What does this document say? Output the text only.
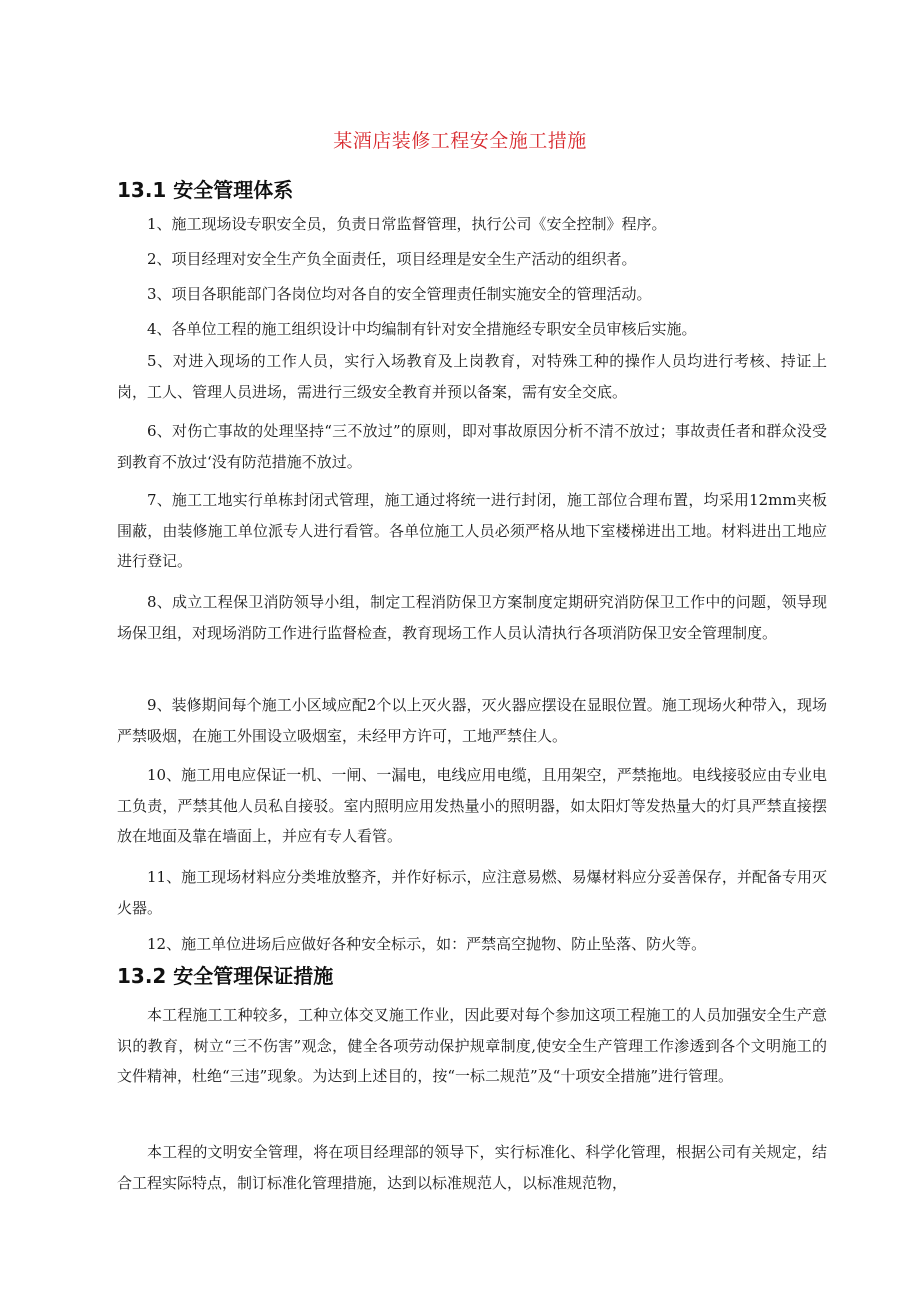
某酒店装修工程安全施工措施
13.1 安全管理体系

1、施工现场设专职安全员，负责日常监督管理，执行公司《安全控制》程序。

2、项目经理对安全生产负全面责任，项目经理是安全生产活动的组织者。

3、项目各职能部门各岗位均对各自的安全管理责任制实施安全的管理活动。

4、各单位工程的施工组织设计中均编制有针对安全措施经专职安全员审核后实施。

5、对进入现场的工作人员，实行入场教育及上岗教育，对特殊工种的操作人员均进行考核、持证上岗，工人、管理人员进场，需进行三级安全教育并预以备案，需有安全交底。

6、对伤亡事故的处理坚持“三不放过”的原则，即对事故原因分析不清不放过；事故责任者和群众没受到教育不放过‘没有防范措施不放过。

7、施工工地实行单栋封闭式管理，施工通过将统一进行封闭，施工部位合理布置，均采用12mm夹板围蔽，由装修施工单位派专人进行看管。各单位施工人员必须严格从地下室楼梯进出工地。材料进出工地应进行登记。

8、成立工程保卫消防领导小组，制定工程消防保卫方案制度定期研究消防保卫工作中的问题，领导现场保卫组，对现场消防工作进行监督检查，教育现场工作人员认清执行各项消防保卫安全管理制度。

9、装修期间每个施工小区域应配2个以上灭火器，灭火器应摆设在显眼位置。施工现场火种带入，现场严禁吸烟，在施工外围设立吸烟室，未经甲方许可，工地严禁住人。

10、施工用电应保证一机、一闸、一漏电，电线应用电缆，且用架空，严禁拖地。电线接驳应由专业电工负责，严禁其他人员私自接驳。室内照明应用发热量小的照明器，如太阳灯等发热量大的灯具严禁直接摆放在地面及靠在墙面上，并应有专人看管。

11、施工现场材料应分类堆放整齐，并作好标示，应注意易燃、易爆材料应分妥善保存，并配备专用灭火器。

12、施工单位进场后应做好各种安全标示，如：严禁高空抛物、防止坠落、防火等。

13.2 安全管理保证措施

本工程施工工种较多，工种立体交叉施工作业，因此要对每个参加这项工程施工的人员加强安全生产意识的教育，树立“三不伤害”观念，健全各项劳动保护规章制度,使安全生产管理工作渗透到各个文明施工的文件精神，杜绝“三违”现象。为达到上述目的，按“一标二规范”及“十项安全措施”进行管理。

本工程的文明安全管理，将在项目经理部的领导下，实行标准化、科学化管理，根据公司有关规定，结合工程实际特点，制订标准化管理措施，达到以标准规范人，以标准规范物，
